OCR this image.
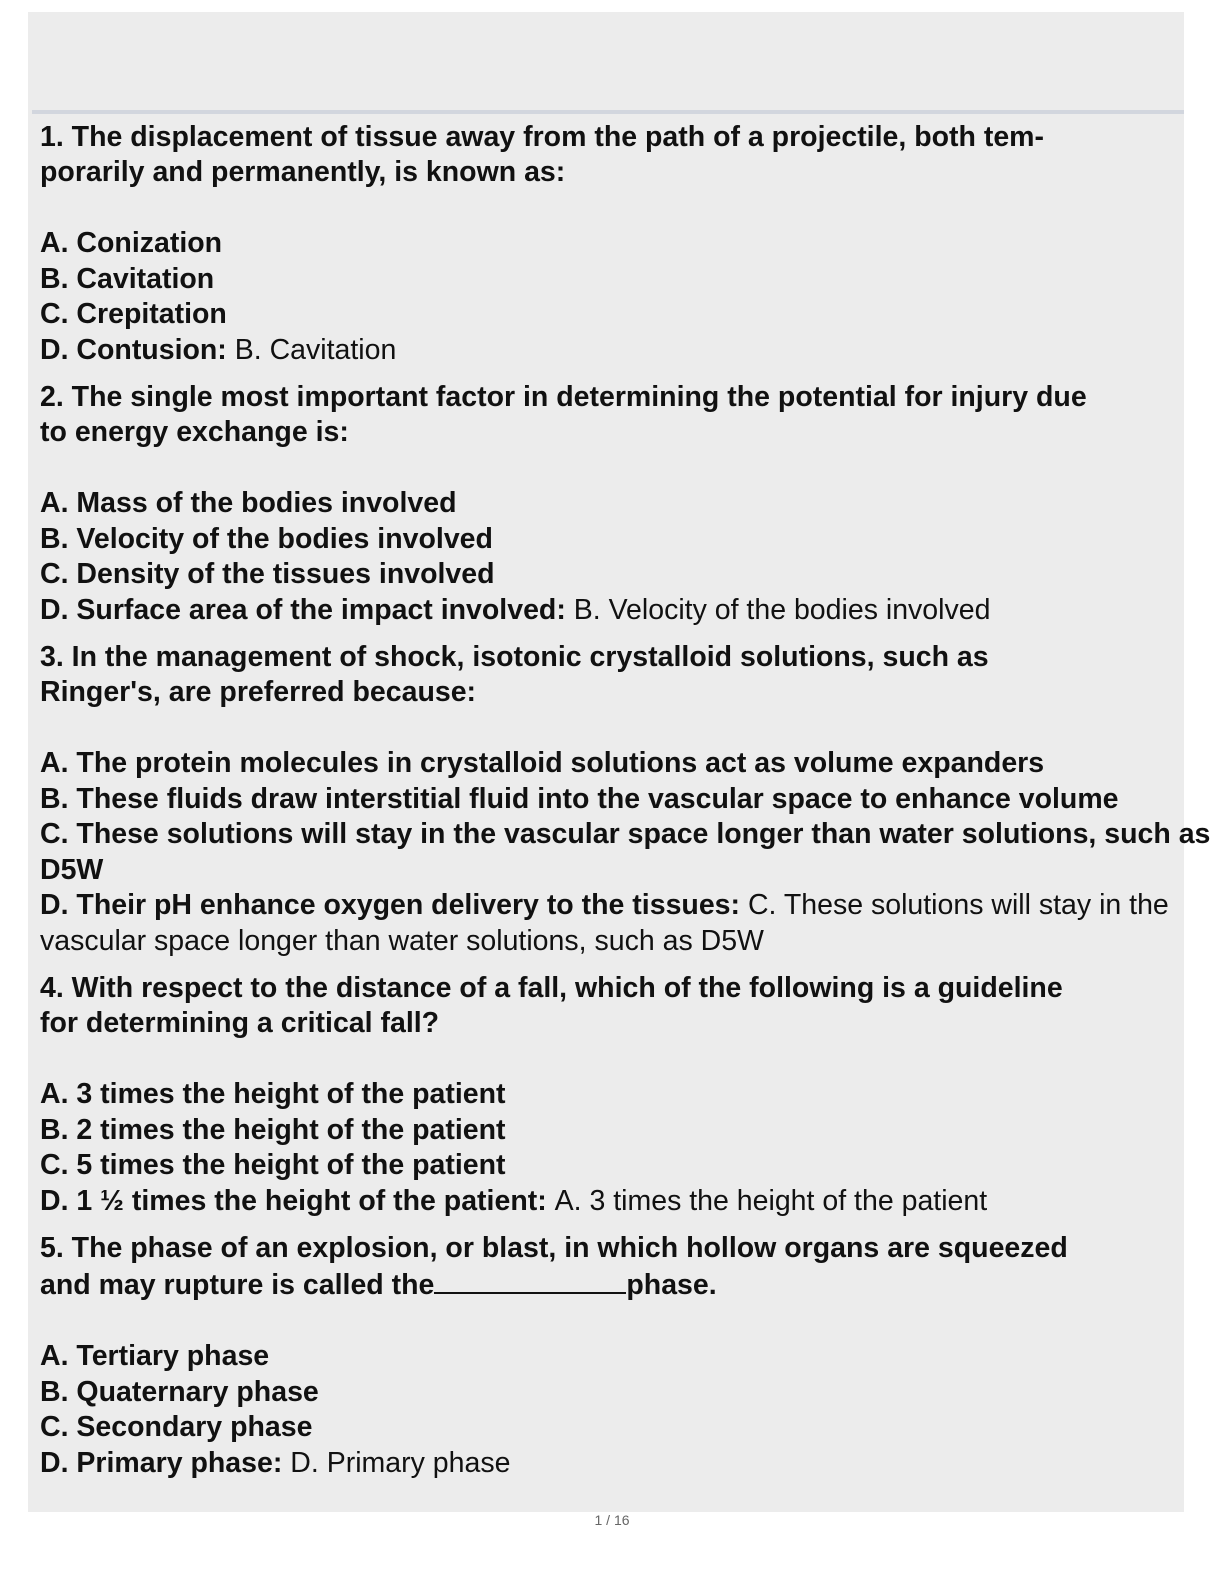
1. The displacement of tissue away from the path of a projectile, both tem-
porarily and permanently, is known as:
A. Conization
B. Cavitation
C. Crepitation
D. Contusion: B. Cavitation
2. The single most important factor in determining the potential for injury due
to energy exchange is:
A. Mass of the bodies involved
B. Velocity of the bodies involved
C. Density of the tissues involved
D. Surface area of the impact involved: B. Velocity of the bodies involved
3. In the management of shock, isotonic crystalloid solutions, such as
Ringer's, are preferred because:
A. The protein molecules in crystalloid solutions act as volume expanders
B. These fluids draw interstitial fluid into the vascular space to enhance volume
C. These solutions will stay in the vascular space longer than water solutions, such as D5W
D. Their pH enhance oxygen delivery to the tissues: C. These solutions will stay in the vascular space longer than water solutions, such as D5W
4. With respect to the distance of a fall, which of the following is a guideline
for determining a critical fall?
A. 3 times the height of the patient
B. 2 times the height of the patient
C. 5 times the height of the patient
D. 1 ½ times the height of the patient: A. 3 times the height of the patient
5. The phase of an explosion, or blast, in which hollow organs are squeezed
and may rupture is called the	phase.
A. Tertiary phase
B. Quaternary phase
C. Secondary phase
D. Primary phase: D. Primary phase
1 / 16
